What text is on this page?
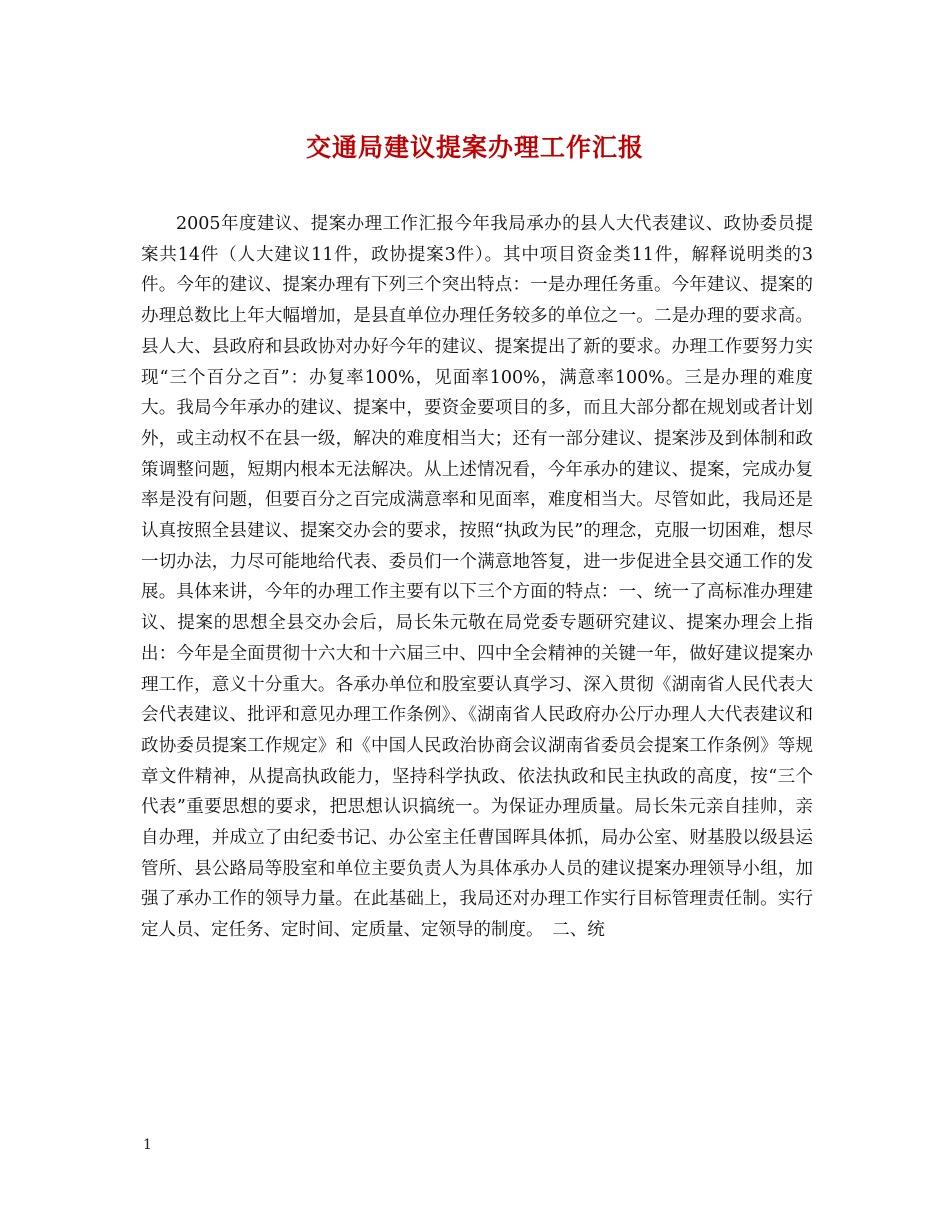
交通局建议提案办理工作汇报

2005年度建议、提案办理工作汇报今年我局承办的县人大代表建议、政协委员提案共14件（人大建议11件，政协提案3件）。其中项目资金类11件，解释说明类的3件。今年的建议、提案办理有下列三个突出特点：一是办理任务重。今年建议、提案的办理总数比上年大幅增加，是县直单位办理任务较多的单位之一。二是办理的要求高。县人大、县政府和县政协对办好今年的建议、提案提出了新的要求。办理工作要努力实现“三个百分之百”：办复率100%，见面率100%，满意率100%。三是办理的难度大。我局今年承办的建议、提案中，要资金要项目的多，而且大部分都在规划或者计划外，或主动权不在县一级，解决的难度相当大；还有一部分建议、提案涉及到体制和政策调整问题，短期内根本无法解决。从上述情况看，今年承办的建议、提案，完成办复率是没有问题，但要百分之百完成满意率和见面率，难度相当大。尽管如此，我局还是认真按照全县建议、提案交办会的要求，按照“执政为民”的理念，克服一切困难，想尽一切办法，力尽可能地给代表、委员们一个满意地答复，进一步促进全县交通工作的发展。具体来讲，今年的办理工作主要有以下三个方面的特点：一、统一了高标准办理建议、提案的思想全县交办会后，局长朱元敬在局党委专题研究建议、提案办理会上指出：今年是全面贯彻十六大和十六届三中、四中全会精神的关键一年，做好建议提案办理工作，意义十分重大。各承办单位和股室要认真学习、深入贯彻《湖南省人民代表大会代表建议、批评和意见办理工作条例》、《湖南省人民政府办公厅办理人大代表建议和政协委员提案工作规定》和《中国人民政治协商会议湖南省委员会提案工作条例》等规章文件精神，从提高执政能力，坚持科学执政、依法执政和民主执政的高度，按“三个代表”重要思想的要求，把思想认识搞统一。为保证办理质量。局长朱元亲自挂帅，亲自办理，并成立了由纪委书记、办公室主任曹国晖具体抓，局办公室、财基股以级县运管所、县公路局等股室和单位主要负责人为具体承办人员的建议提案办理领导小组，加强了承办工作的领导力量。在此基础上，我局还对办理工作实行目标管理责任制。实行定人员、定任务、定时间、定质量、定领导的制度。　二、统

1
